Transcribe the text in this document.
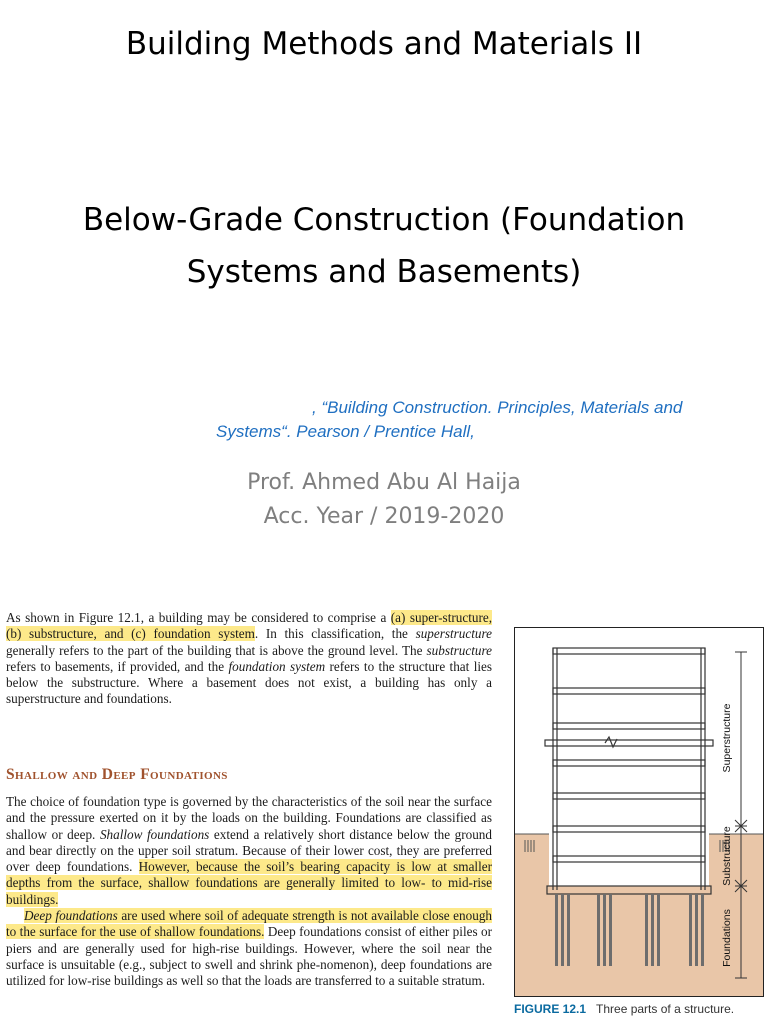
Building Methods and Materials II
Below-Grade Construction (Foundation
Systems and Basements)
, “Building Construction. Principles, Materials and
Systems“. Pearson / Prentice Hall,
Prof. Ahmed Abu Al Haija
Acc. Year / 2019-2020

As shown in Figure 12.1, a building may be considered to comprise a (a) super-structure, (b) substructure, and (c) foundation system. In this classification, the superstructure generally refers to the part of the building that is above the ground level. The substructure refers to basements, if provided, and the foundation system refers to the structure that lies below the substructure. Where a basement does not exist, a building has only a superstructure and foundations.

Shallow and Deep Foundations

The choice of foundation type is governed by the characteristics of the soil near the surface and the pressure exerted on it by the loads on the building. Foundations are classified as shallow or deep. Shallow foundations extend a relatively short distance below the ground and bear directly on the upper soil stratum. Because of their lower cost, they are preferred over deep foundations. However, because the soil’s bearing capacity is low at smaller depths from the surface, shallow foundations are generally limited to low- to mid-rise buildings.

Deep foundations are used where soil of adequate strength is not available close enough to the surface for the use of shallow foundations. Deep foundations consist of either piles or piers and are generally used for high-rise buildings. However, where the soil near the surface is unsuitable (e.g., subject to swell and shrink phe-nomenon), deep foundations are utilized for low-rise buildings as well so that the loads are transferred to a suitable stratum.

Superstructure
Substructure
Foundations
FIGURE 12.1 Three parts of a structure.
